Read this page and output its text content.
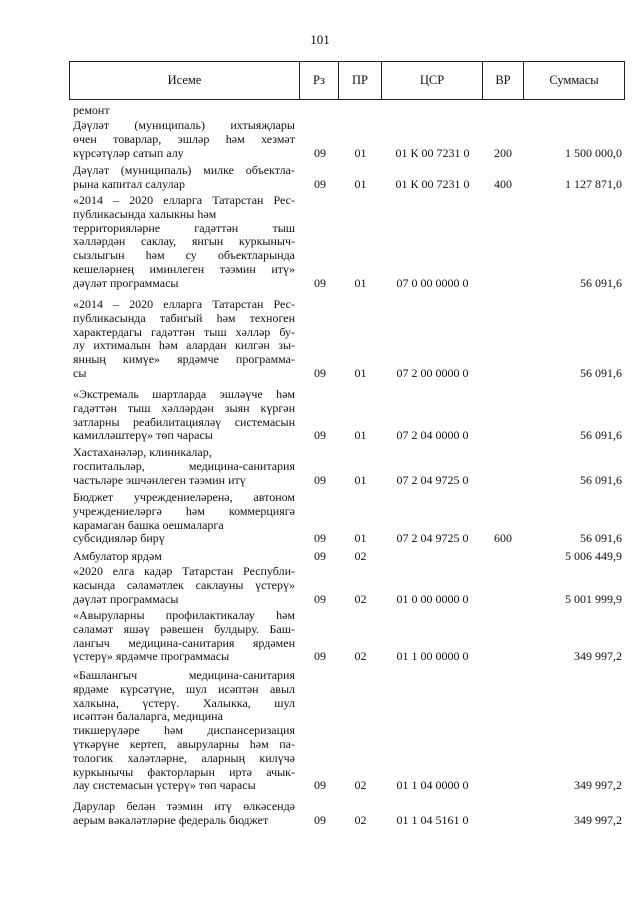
101
Исеме	Рз	ПР	ЦСР	ВР	Суммасы
ремонт
Дәүләт (муниципаль) ихтыяҗлары
өчен товарлар, эшләр һәм хезмәт
күрсәтүләр сатып алу	09	01	01 К 00 7231 0	200	1 500 000,0
Дәүләт (муниципаль) милке объектла-
рына капитал салулар	09	01	01 К 00 7231 0	400	1 127 871,0
«2014 – 2020 елларга Татарстан Рес-
публикасында халыкны һәм
территорияләрне гадәттән тыш
хәлләрдән саклау, янгын куркыныч-
сызлыгын һәм су объектларында
кешеләрнең иминлеген тәэмин итү»
дәүләт программасы	09	01	07 0 00 0000 0	56 091,6
«2014 – 2020 елларга Татарстан Рес-
публикасында табигый һәм техноген
характердагы гадәттән тыш хәлләр бу-
лу ихтималын һәм алардан килгән зы-
янның кимүе» ярдәмче программа-
сы	09	01	07 2 00 0000 0	56 091,6
«Экстремаль шартларда эшләүче һәм
гадәттән тыш хәлләрдән зыян күргән
затларны реабилитацияләү системасын
камилләштерү» төп чарасы	09	01	07 2 04 0000 0	56 091,6
Хастаханәләр, клиникалар,
госпитальләр, медицина-санитария
частьләре эшчәнлеген тәэмин итү	09	01	07 2 04 9725 0	56 091,6
Бюджет учреждениеләренә, автоном
учреждениеләргә һәм коммерциягә
карамаган башка оешмаларга
субсидияләр бирү	09	01	07 2 04 9725 0	600	56 091,6
Амбулатор ярдәм	09	02	5 006 449,9
«2020 елга кадәр Татарстан Республи-
касында сәламәтлек саклауны үстерү»
дәүләт программасы	09	02	01 0 00 0000 0	5 001 999,9
«Авыруларны профилактикалау һәм
сәламәт яшәү рәвешен булдыру. Баш-
лангыч медицина-санитария ярдәмен
үстерү» ярдәмче программасы	09	02	01 1 00 0000 0	349 997,2
«Башлангыч медицина-санитария
ярдәме күрсәтүне, шул исәптән авыл
халкына, үстерү. Халыкка, шул
исәптән балаларга, медицина
тикшерүләре һәм диспансеризация
үткәрүне кертеп, авыруларны һәм па-
тологик халәтләрне, аларның килүчә
куркынычы факторларын иртә ачык-
лау системасын үстерү» төп чарасы	09	02	01 1 04 0000 0	349 997,2
Дарулар белән тәэмин итү өлкәсендә
аерым вәкаләтләрне федераль бюджет	09	02	01 1 04 5161 0	349 997,2
